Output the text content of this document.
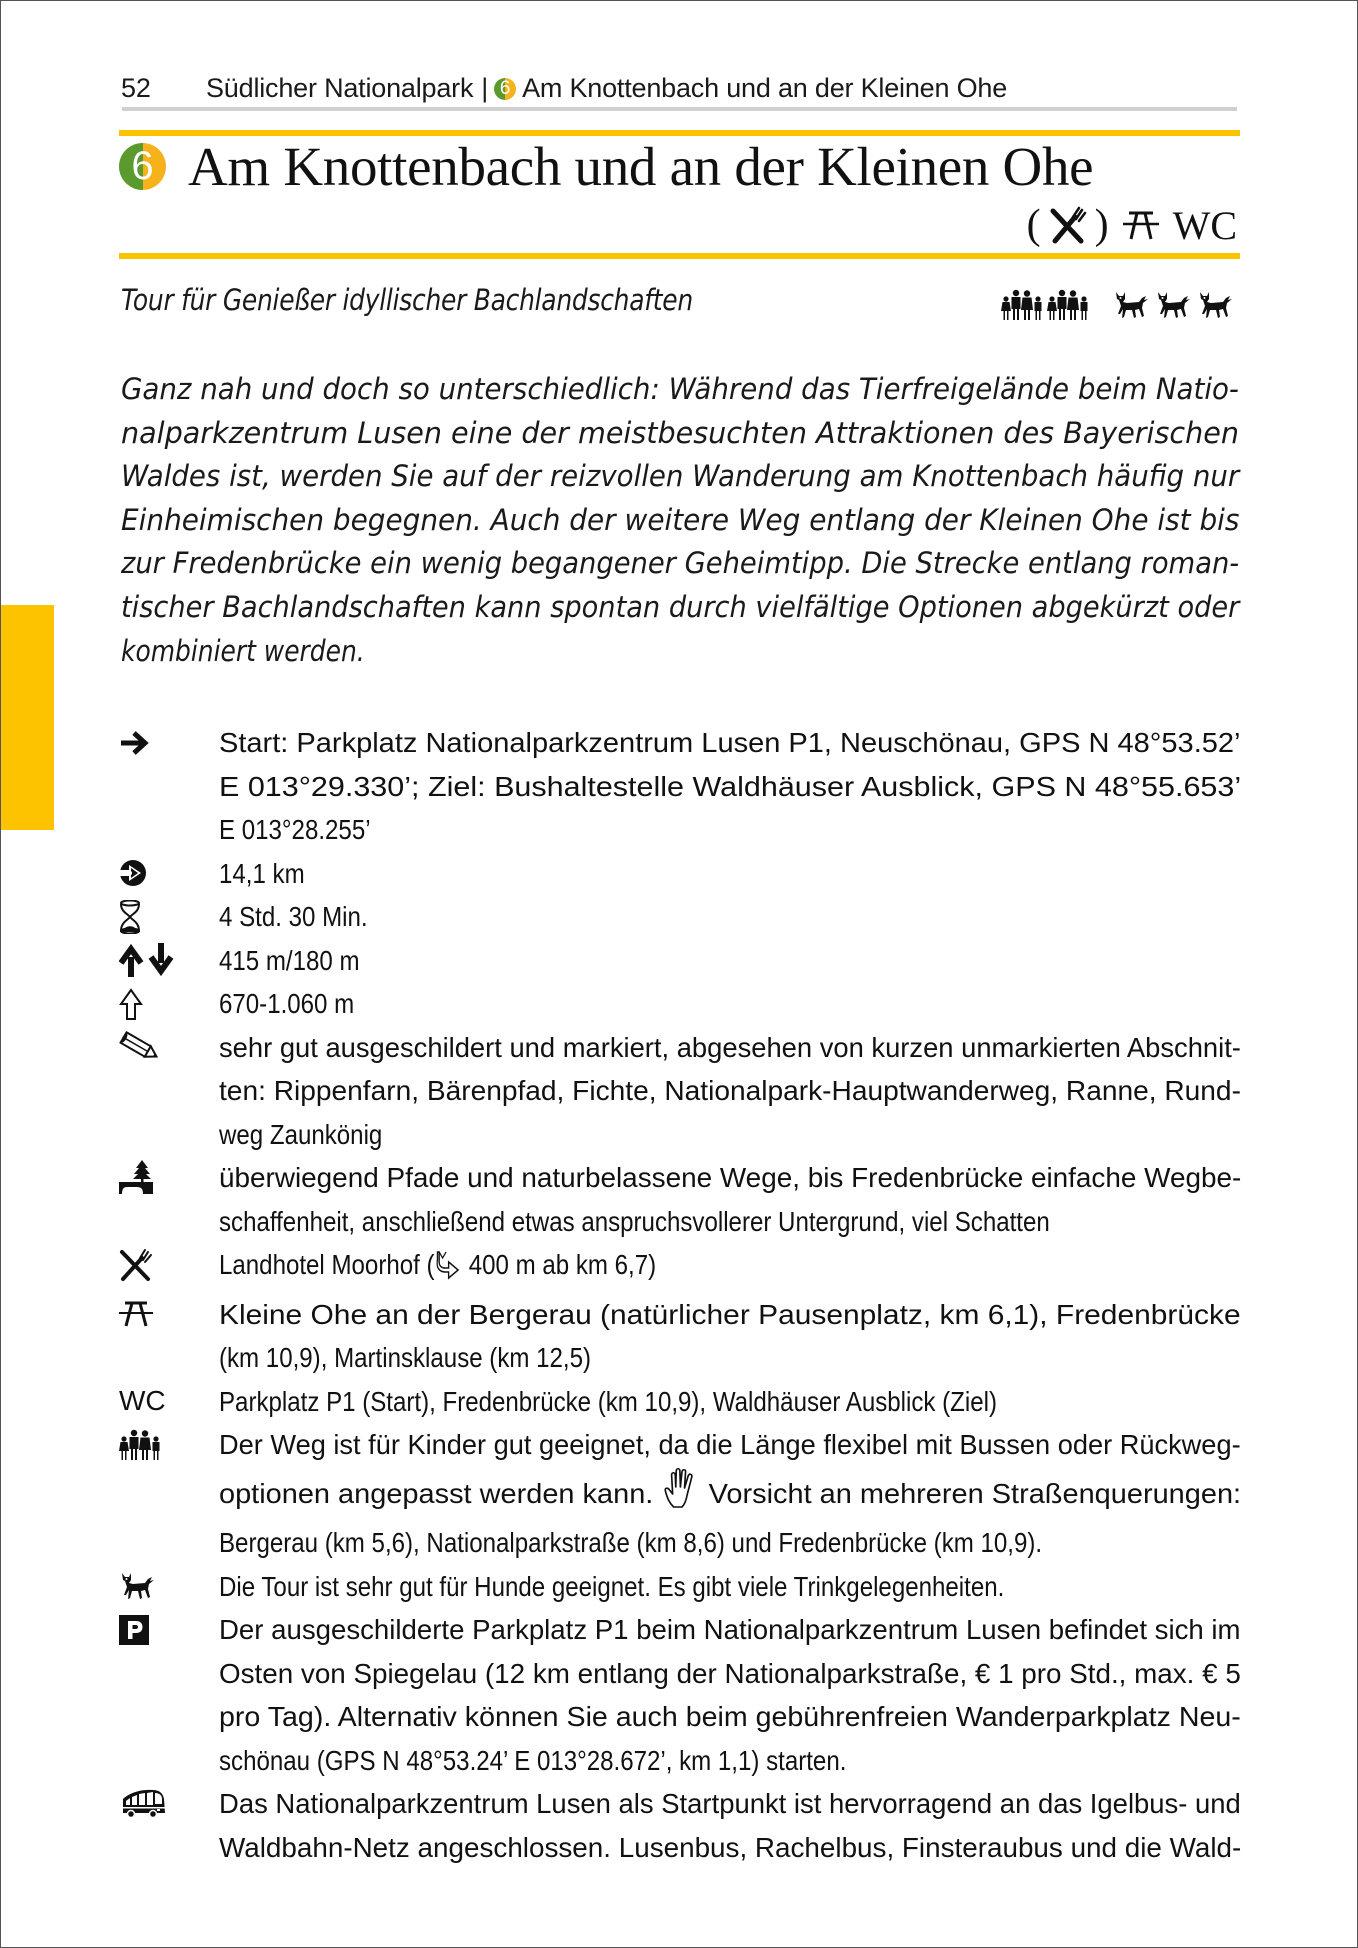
52	Südlicher Nationalpark | 6 Am Knottenbach und an der Kleinen Ohe
6 Am Knottenbach und an der Kleinen Ohe
( ) WC
Tour für Genießer idyllischer Bachlandschaften
Ganz nah und doch so unterschiedlich: Während das Tierfreigelände beim Natio-
nalparkzentrum Lusen eine der meistbesuchten Attraktionen des Bayerischen
Waldes ist, werden Sie auf der reizvollen Wanderung am Knottenbach häufig nur
Einheimischen begegnen. Auch der weitere Weg entlang der Kleinen Ohe ist bis
zur Fredenbrücke ein wenig begangener Geheimtipp. Die Strecke entlang roman-
tischer Bachlandschaften kann spontan durch vielfältige Optionen abgekürzt oder
kombiniert werden.
Start: Parkplatz Nationalparkzentrum Lusen P1, Neuschönau, GPS N 48°53.52’
E 013°29.330’; Ziel: Bushaltestelle Waldhäuser Ausblick, GPS N 48°55.653’
E 013°28.255’
14,1 km
4 Std. 30 Min.
415 m/180 m
670-1.060 m
sehr gut ausgeschildert und markiert, abgesehen von kurzen unmarkierten Abschnit-
ten: Rippenfarn, Bärenpfad, Fichte, Nationalpark-Hauptwanderweg, Ranne, Rund-
weg Zaunkönig
überwiegend Pfade und naturbelassene Wege, bis Fredenbrücke einfache Wegbe-
schaffenheit, anschließend etwas anspruchsvollerer Untergrund, viel Schatten
Landhotel Moorhof ( 400 m ab km 6,7)
Kleine Ohe an der Bergerau (natürlicher Pausenplatz, km 6,1), Fredenbrücke
(km 10,9), Martinsklause (km 12,5)
WC	Parkplatz P1 (Start), Fredenbrücke (km 10,9), Waldhäuser Ausblick (Ziel)
Der Weg ist für Kinder gut geeignet, da die Länge flexibel mit Bussen oder Rückweg-
optionen angepasst werden kann.  Vorsicht an mehreren Straßenquerungen:
Bergerau (km 5,6), Nationalparkstraße (km 8,6) und Fredenbrücke (km 10,9).
Die Tour ist sehr gut für Hunde geeignet. Es gibt viele Trinkgelegenheiten.
Der ausgeschilderte Parkplatz P1 beim Nationalparkzentrum Lusen befindet sich im
Osten von Spiegelau (12 km entlang der Nationalparkstraße, € 1 pro Std., max. € 5
pro Tag). Alternativ können Sie auch beim gebührenfreien Wanderparkplatz Neu-
schönau (GPS N 48°53.24’ E 013°28.672’, km 1,1) starten.
Das Nationalparkzentrum Lusen als Startpunkt ist hervorragend an das Igelbus- und
Waldbahn-Netz angeschlossen. Lusenbus, Rachelbus, Finsteraubus und die Wald-
